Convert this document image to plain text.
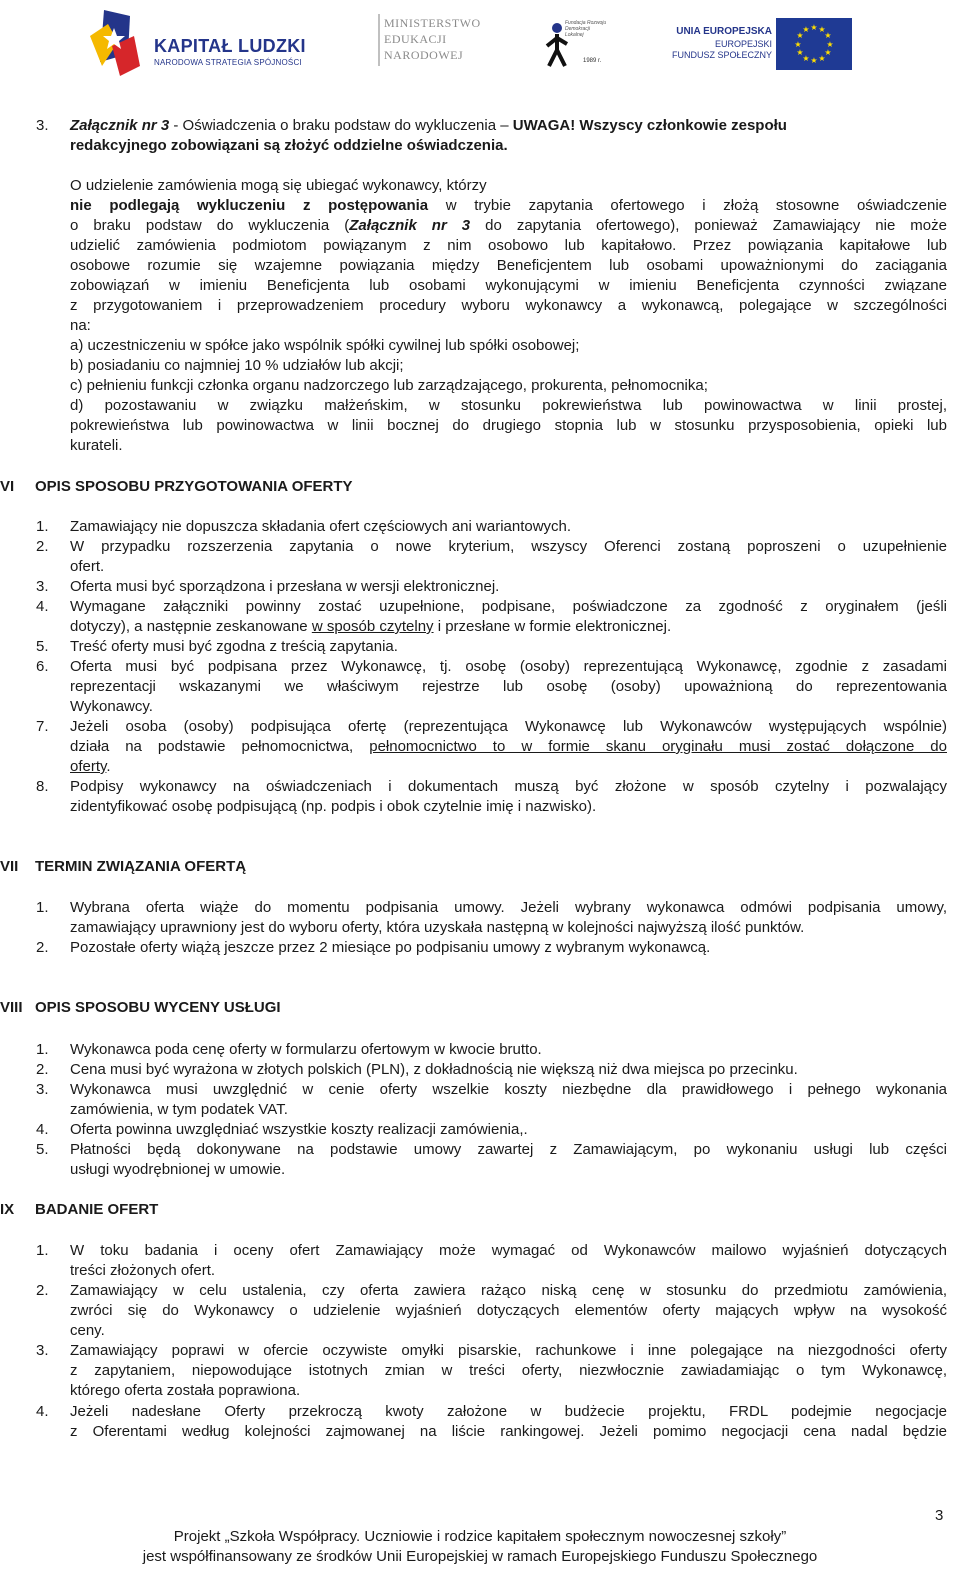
KAPITAŁ LUDZKI
NARODOWA STRATEGIA SPÓJNOŚCI
MINISTERSTWO
EDUKACJI
NARODOWEJ
Fundacja Rozwoju Demokracji Lokalnej
1989 r.
UNIA EUROPEJSKA
EUROPEJSKI
FUNDUSZ SPOŁECZNY
★ ★
★
★
★
★
★
★
★
★
★
★
3. Załącznik nr 3 - Oświadczenia o braku podstaw do wykluczenia – UWAGA! Wszyscy członkowie zespołu
redakcyjnego zobowiązani są złożyć oddzielne oświadczenia.
O udzielenie zamówienia mogą się ubiegać wykonawcy, którzy
nie podlegają wykluczeniu z postępowania w trybie zapytania ofertowego i złożą stosowne oświadczenie
o braku podstaw do wykluczenia (Załącznik nr 3 do zapytania ofertowego), ponieważ Zamawiający nie może
udzielić zamówienia podmiotom powiązanym z nim osobowo lub kapitałowo. Przez powiązania kapitałowe lub
osobowe rozumie się wzajemne powiązania między Beneficjentem lub osobami upoważnionymi do zaciągania
zobowiązań w imieniu Beneficjenta lub osobami wykonującymi w imieniu Beneficjenta czynności związane
z przygotowaniem i przeprowadzeniem procedury wyboru wykonawcy a wykonawcą, polegające w szczególności
na:
a) uczestniczeniu w spółce jako wspólnik spółki cywilnej lub spółki osobowej;
b) posiadaniu co najmniej 10 % udziałów lub akcji;
c) pełnieniu funkcji członka organu nadzorczego lub zarządzającego, prokurenta, pełnomocnika;
d) pozostawaniu w związku małżeńskim, w stosunku pokrewieństwa lub powinowactwa w linii prostej,
pokrewieństwa lub powinowactwa w linii bocznej do drugiego stopnia lub w stosunku przysposobienia, opieki lub
kurateli.
VI OPIS SPOSOBU PRZYGOTOWANIA OFERTY
1. Zamawiający nie dopuszcza składania ofert częściowych ani wariantowych.
2. W przypadku rozszerzenia zapytania o nowe kryterium, wszyscy Oferenci zostaną poproszeni o uzupełnienie
ofert.
3. Oferta musi być sporządzona i przesłana w wersji elektronicznej.
4. Wymagane załączniki powinny zostać uzupełnione, podpisane, poświadczone za zgodność z oryginałem (jeśli
dotyczy), a następnie zeskanowane w sposób czytelny i przesłane w formie elektronicznej.
5. Treść oferty musi być zgodna z treścią zapytania.
6. Oferta musi być podpisana przez Wykonawcę, tj. osobę (osoby) reprezentującą Wykonawcę, zgodnie z zasadami
reprezentacji wskazanymi we właściwym rejestrze lub osobę (osoby) upoważnioną do reprezentowania
Wykonawcy.
7. Jeżeli osoba (osoby) podpisująca ofertę (reprezentująca Wykonawcę lub Wykonawców występujących wspólnie)
działa na podstawie pełnomocnictwa, pełnomocnictwo to w formie skanu oryginału musi zostać dołączone do
oferty.
8. Podpisy wykonawcy na oświadczeniach i dokumentach muszą być złożone w sposób czytelny i pozwalający
zidentyfikować osobę podpisującą (np. podpis i obok czytelnie imię i nazwisko).
VII TERMIN ZWIĄZANIA OFERTĄ
1. Wybrana oferta wiąże do momentu podpisania umowy. Jeżeli wybrany wykonawca odmówi podpisania umowy,
zamawiający uprawniony jest do wyboru oferty, która uzyskała następną w kolejności najwyższą ilość punktów.
2. Pozostałe oferty wiążą jeszcze przez 2 miesiące po podpisaniu umowy z wybranym wykonawcą.
VIII OPIS SPOSOBU WYCENY USŁUGI
1. Wykonawca poda cenę oferty w formularzu ofertowym w kwocie brutto.
2. Cena musi być wyrażona w złotych polskich (PLN), z dokładnością nie większą niż dwa miejsca po przecinku.
3. Wykonawca musi uwzględnić w cenie oferty wszelkie koszty niezbędne dla prawidłowego i pełnego wykonania
zamówienia, w tym podatek VAT.
4. Oferta powinna uwzględniać wszystkie koszty realizacji zamówienia,.
5. Płatności będą dokonywane na podstawie umowy zawartej z Zamawiającym, po wykonaniu usługi lub części
usługi wyodrębnionej w umowie.
IX BADANIE OFERT
1. W toku badania i oceny ofert Zamawiający może wymagać od Wykonawców mailowo wyjaśnień dotyczących
treści złożonych ofert.
2. Zamawiający w celu ustalenia, czy oferta zawiera rażąco niską cenę w stosunku do przedmiotu zamówienia,
zwróci się do Wykonawcy o udzielenie wyjaśnień dotyczących elementów oferty mających wpływ na wysokość
ceny.
3. Zamawiający poprawi w ofercie oczywiste omyłki pisarskie, rachunkowe i inne polegające na niezgodności oferty
z zapytaniem, niepowodujące istotnych zmian w treści oferty, niezwłocznie zawiadamiając o tym Wykonawcę,
którego oferta została poprawiona.
4. Jeżeli nadesłane Oferty przekroczą kwoty założone w budżecie projektu, FRDL podejmie negocjacje
z Oferentami według kolejności zajmowanej na liście rankingowej. Jeżeli pomimo negocjacji cena nadal będzie
3
Projekt „Szkoła Współpracy. Uczniowie i rodzice kapitałem społecznym nowoczesnej szkoły”
jest współfinansowany ze środków Unii Europejskiej w ramach Europejskiego Funduszu Społecznego
